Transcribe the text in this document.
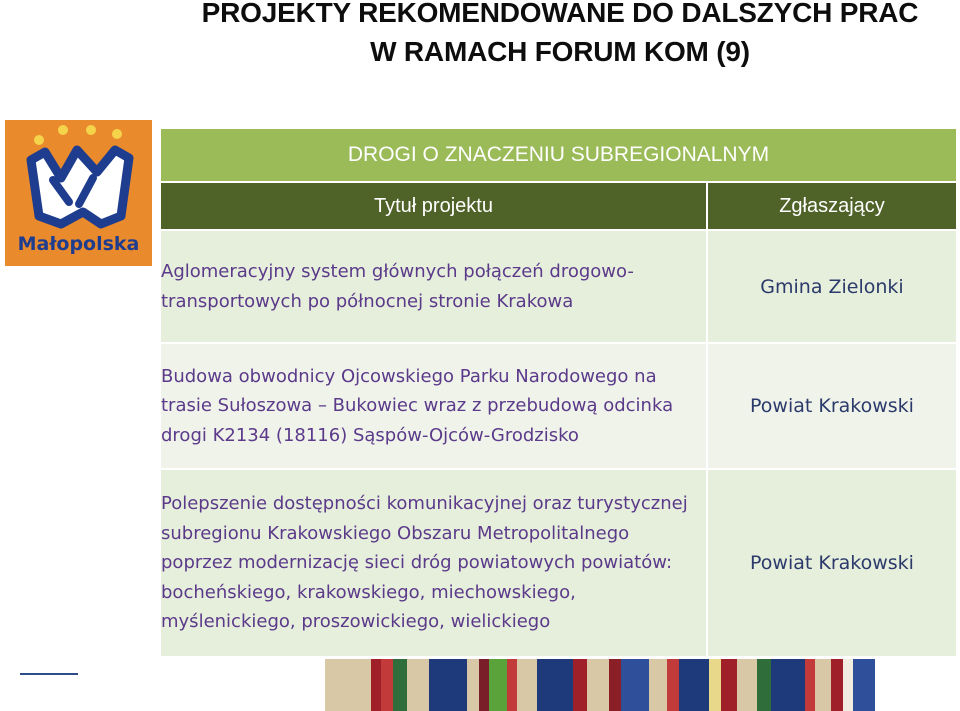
PROJEKTY REKOMENDOWANE DO DALSZYCH PRAC
W RAMACH FORUM KOM (9)
Małopolska
DROGI O ZNACZENIU SUBREGIONALNYM	
Tytuł projektu	Zgłaszający
Aglomeracyjny system głównych połączeń drogowo-transportowych po północnej stronie Krakowa	Gmina Zielonki
Budowa obwodnicy Ojcowskiego Parku Narodowego na trasie Sułoszowa – Bukowiec wraz z przebudową odcinka drogi K2134 (18116) Sąspów-Ojców-Grodzisko	Powiat Krakowski
Polepszenie dostępności komunikacyjnej oraz turystycznej subregionu Krakowskiego Obszaru Metropolitalnego poprzez modernizację sieci dróg powiatowych powiatów: bocheńskiego, krakowskiego, miechowskiego, myślenickiego, proszowickiego, wielickiego	Powiat Krakowski
